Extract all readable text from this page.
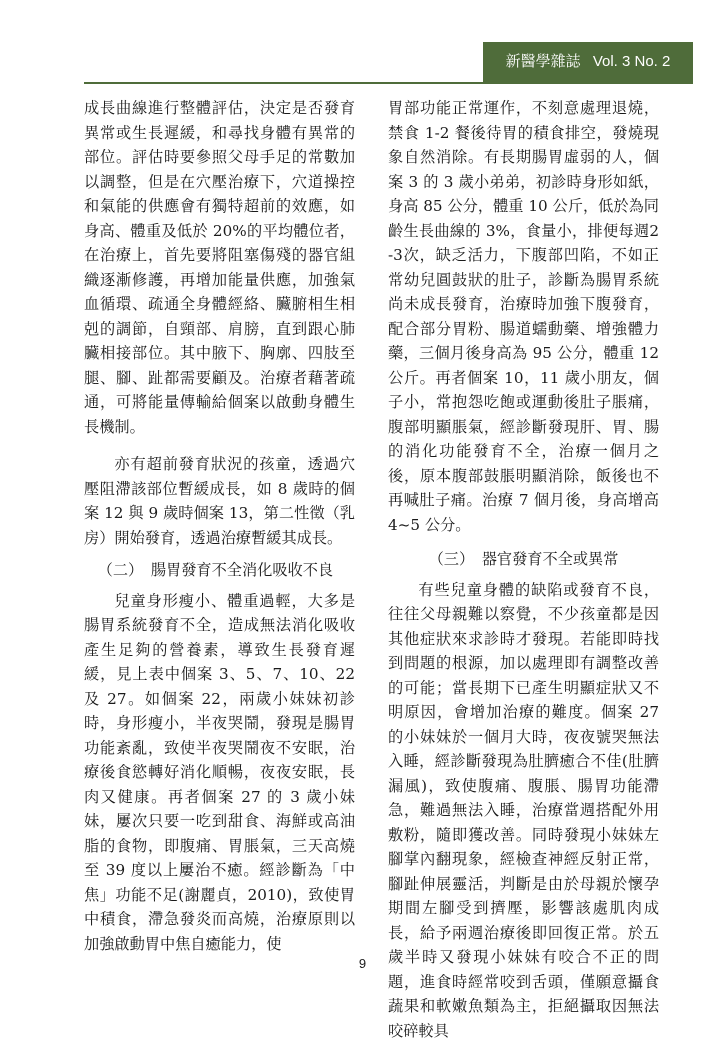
新醫學雜誌 Vol. 3 No. 2

成長曲線進行整體評估，決定是否發育異常或生長遲緩，和尋找身體有異常的部位。評估時要參照父母手足的常數加以調整，但是在穴壓治療下，穴道操控和氣能的供應會有獨特超前的效應，如身高、體重及低於 20%的平均體位者，在治療上，首先要將阻塞傷殘的器官組織逐漸修護，再增加能量供應，加強氣血循環、疏通全身體經絡、臟腑相生相剋的調節，自頸部、肩膀，直到跟心肺臟相接部位。其中腋下、胸廓、四肢至腿、腳、趾都需要顧及。治療者藉著疏通，可將能量傳輸給個案以啟動身體生長機制。

亦有超前發育狀況的孩童，透過穴壓阻滯該部位暫緩成長，如 8 歲時的個案 12 與 9 歲時個案 13，第二性徵（乳房）開始發育，透過治療暫緩其成長。

（二）　腸胃發育不全消化吸收不良

兒童身形瘦小、體重過輕，大多是腸胃系統發育不全，造成無法消化吸收產生足夠的營養素，導致生長發育遲緩，見上表中個案 3、5、7、10、22 及 27。如個案 22，兩歲小妹妹初診時，身形瘦小，半夜哭鬧，發現是腸胃功能紊亂，致使半夜哭鬧夜不安眠，治療後食慾轉好消化順暢，夜夜安眠，長肉又健康。再者個案 27 的 3 歲小妹妹，屢次只要一吃到甜食、海鮮或高油脂的食物，即腹痛、胃脹氣，三天高燒至 39 度以上屢治不癒。經診斷為「中焦」功能不足(謝麗貞，2010)，致使胃中積食，滯急發炎而高燒，治療原則以加強啟動胃中焦自癒能力，使

胃部功能正常運作，不刻意處理退燒，禁食 1-2 餐後待胃的積食排空，發燒現象自然消除。有長期腸胃虛弱的人，個案 3 的 3 歲小弟弟，初診時身形如紙，身高 85 公分，體重 10 公斤，低於為同齡生長曲線的 3%，食量小，排便每週2-3次，缺乏活力，下腹部凹陷，不如正常幼兒圓鼓狀的肚子，診斷為腸胃系統尚未成長發育，治療時加強下腹發育，配合部分胃粉、腸道蠕動藥、增強體力藥，三個月後身高為 95 公分，體重 12 公斤。再者個案 10，11 歲小朋友，個子小，常抱怨吃飽或運動後肚子脹痛，腹部明顯脹氣，經診斷發現肝、胃、腸的消化功能發育不全，治療一個月之後，原本腹部鼓脹明顯消除，飯後也不再喊肚子痛。治療 7 個月後，身高增高 4~5 公分。

（三）　器官發育不全或異常

有些兒童身體的缺陷或發育不良，往往父母親難以察覺，不少孩童都是因其他症狀來求診時才發現。若能即時找到問題的根源，加以處理即有調整改善的可能；當長期下已產生明顯症狀又不明原因，會增加治療的難度。個案 27 的小妹妹於一個月大時，夜夜號哭無法入睡，經診斷發現為肚臍癒合不佳(肚臍漏風)，致使腹痛、腹脹、腸胃功能滯急，難過無法入睡，治療當週搭配外用敷粉，隨即獲改善。同時發現小妹妹左腳掌內翻現象，經檢查神經反射正常，腳趾伸展靈活，判斷是由於母親於懷孕期間左腳受到擠壓，影響該處肌肉成長，給予兩週治療後即回復正常。於五歲半時又發現小妹妹有咬合不正的問題，進食時經常咬到舌頭，僅願意攝食蔬果和軟嫩魚類為主，拒絕攝取因無法咬碎較具

9
